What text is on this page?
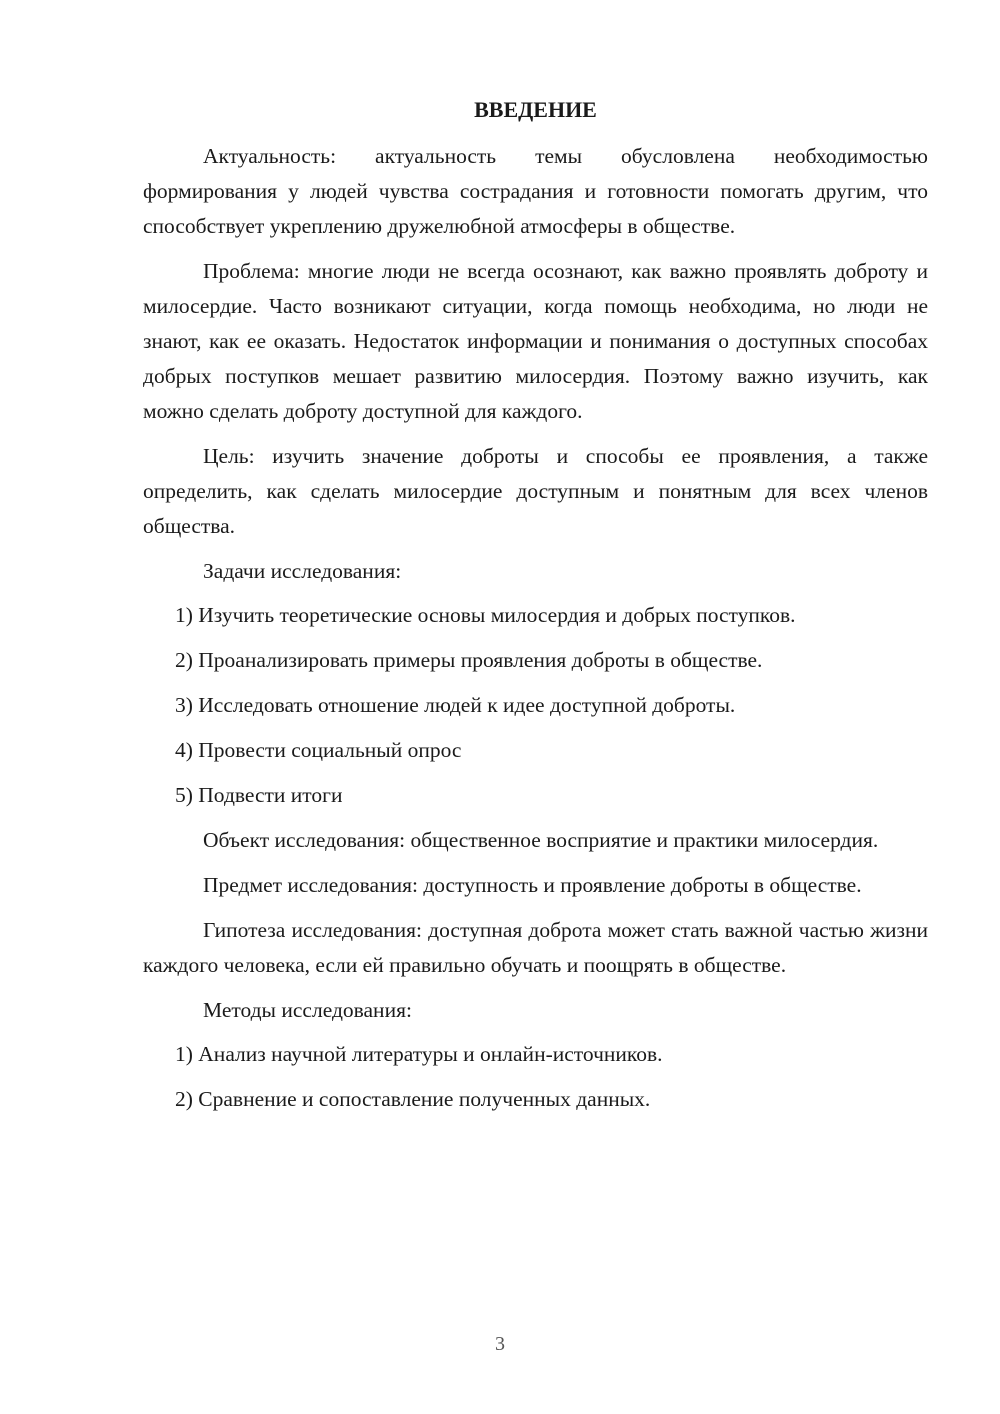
ВВЕДЕНИЕ

Актуальность: актуальность темы обусловлена необходимостью формирования у людей чувства сострадания и готовности помогать другим, что способствует укреплению дружелюбной атмосферы в обществе.

Проблема: многие люди не всегда осознают, как важно проявлять доброту и милосердие. Часто возникают ситуации, когда помощь необходима, но люди не знают, как ее оказать. Недостаток информации и понимания о доступных способах добрых поступков мешает развитию милосердия. Поэтому важно изучить, как можно сделать доброту доступной для каждого.

Цель: изучить значение доброты и способы ее проявления, а также определить, как сделать милосердие доступным и понятным для всех членов общества.

Задачи исследования:

1) Изучить теоретические основы милосердия и добрых поступков.
2) Проанализировать примеры проявления доброты в обществе.
3) Исследовать отношение людей к идее доступной доброты.
4) Провести социальный опрос
5) Подвести итоги

Объект исследования: общественное восприятие и практики милосердия.

Предмет исследования: доступность и проявление доброты в обществе.

Гипотеза исследования: доступная доброта может стать важной частью жизни каждого человека, если ей правильно обучать и поощрять в обществе.

Методы исследования:

1) Анализ научной литературы и онлайн-источников.
2) Сравнение и сопоставление полученных данных.
3
